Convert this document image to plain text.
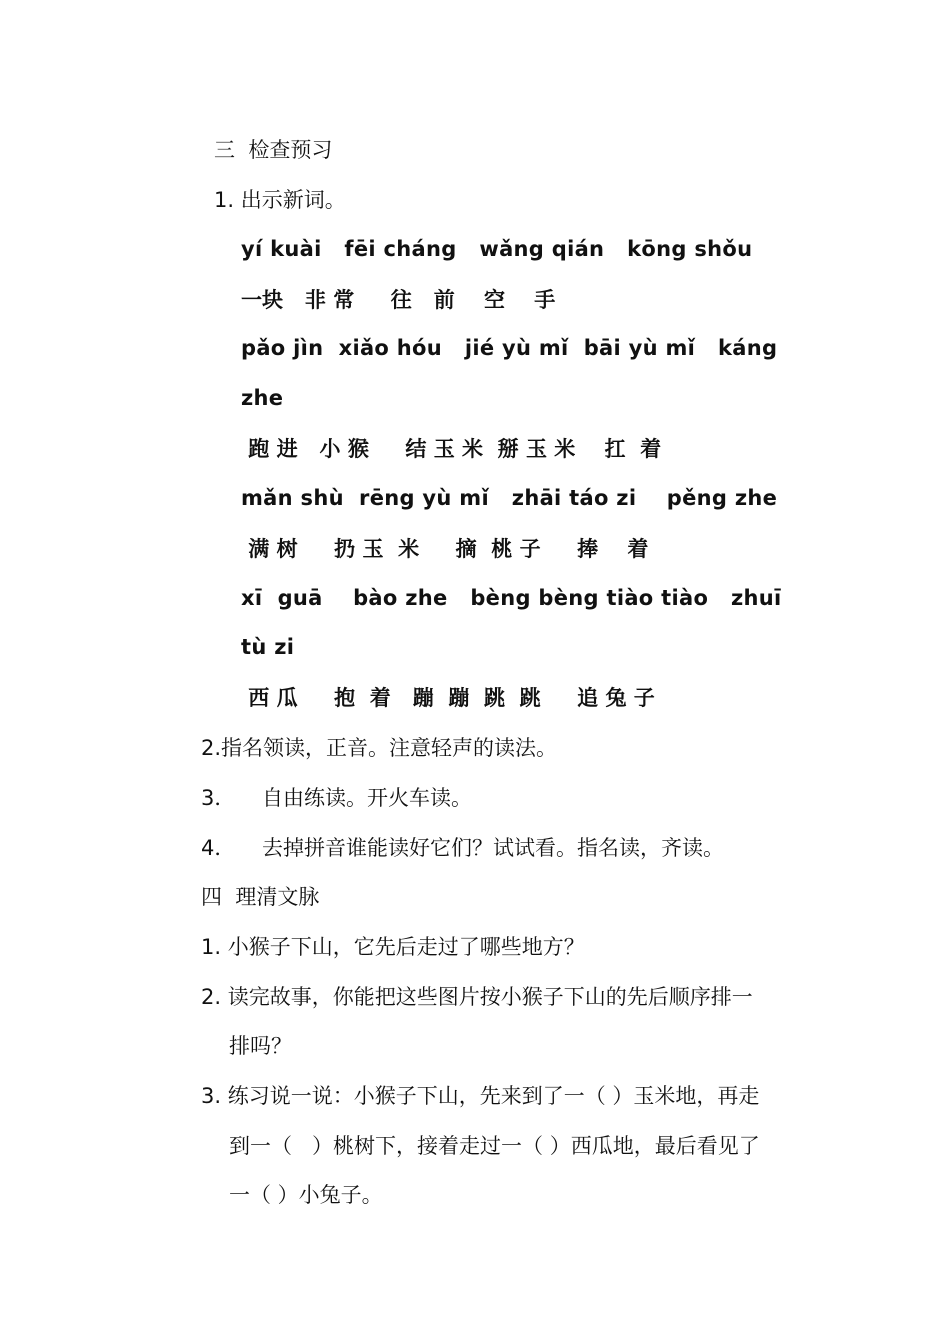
三  检查预习
1. 出示新词。
yí kuài   fēi cháng   wǎng qián   kōng shǒu
一块   非 常     往   前    空    手
pǎo jìn  xiǎo hóu   jié yù mǐ  bāi yù mǐ   káng
zhe
跑 进   小 猴     结 玉 米  掰 玉 米    扛  着
mǎn shù  rēng yù mǐ   zhāi táo zi    pěng zhe
满 树     扔 玉  米     摘  桃 子     捧    着
xī  guā    bào zhe   bèng bèng tiào tiào   zhuī
tù zi
西 瓜     抱  着   蹦  蹦  跳  跳     追 兔 子
2.指名领读，正音。注意轻声的读法。
3．    自由练读。开火车读。
4．    去掉拼音谁能读好它们？试试看。指名读，齐读。
四  理清文脉
1. 小猴子下山，它先后走过了哪些地方？
2. 读完故事，你能把这些图片按小猴子下山的先后顺序排一
排吗？
3. 练习说一说：小猴子下山，先来到了一（ ）玉米地，再走
到一（   ）桃树下，接着走过一（ ）西瓜地，最后看见了
一（ ）小兔子。
